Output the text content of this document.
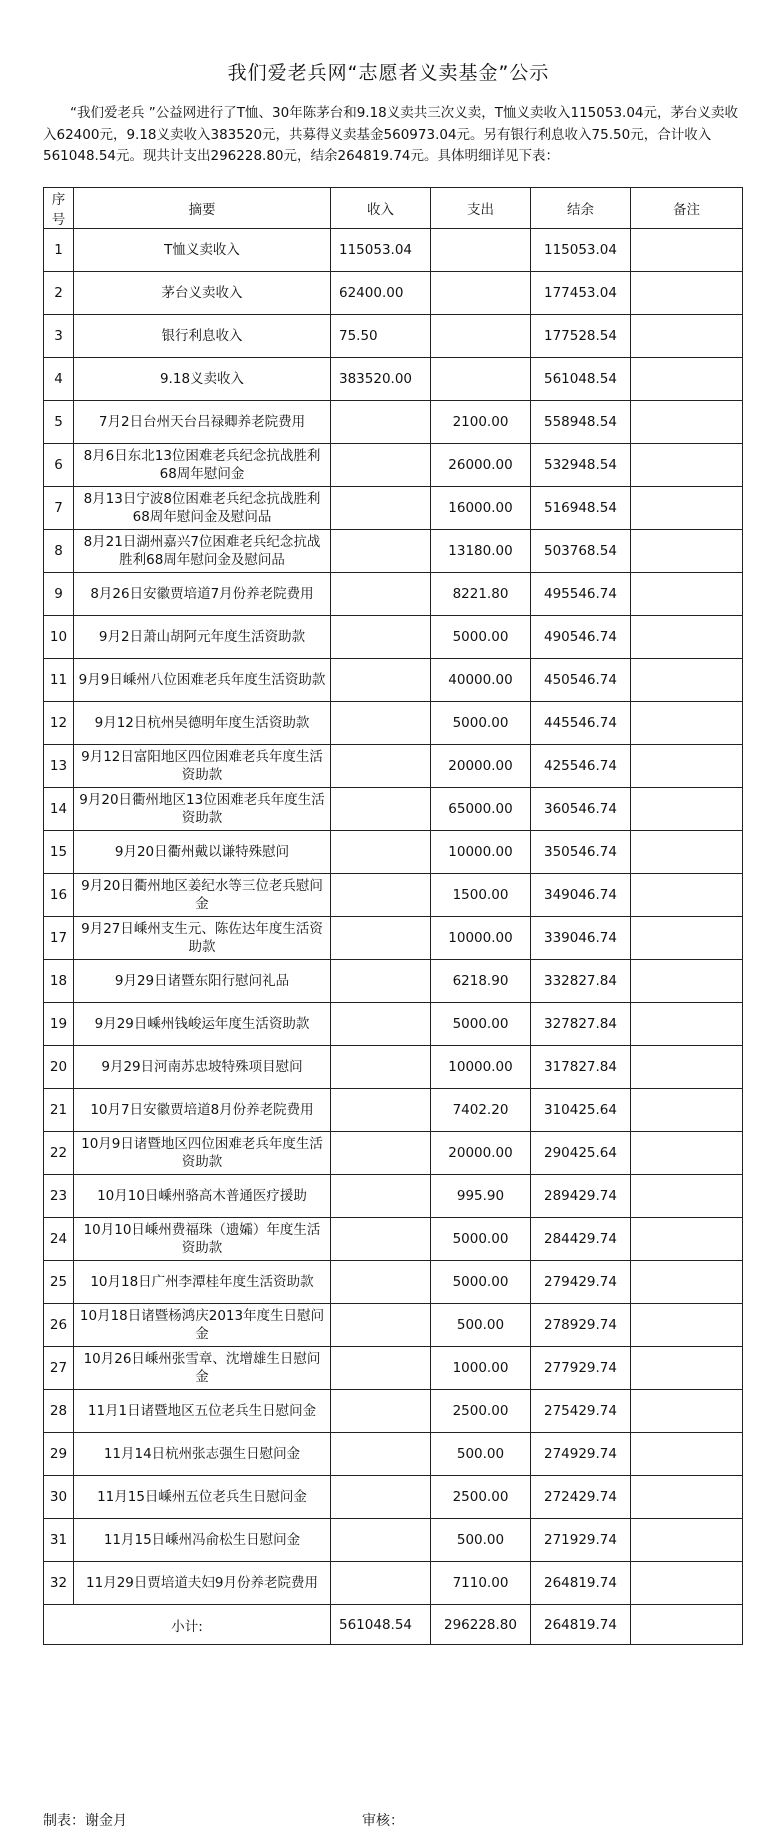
我们爱老兵网“志愿者义卖基金”公示
“我们爱老兵 ”公益网进行了T恤、30年陈茅台和9.18义卖共三次义卖，T恤义卖收入115053.04元，茅台义卖收入62400元，9.18义卖收入383520元，共募得义卖基金560973.04元。另有银行利息收入75.50元，合计收入561048.54元。现共计支出296228.80元，结余264819.74元。具体明细详见下表：
序号	摘要	收入	支出	结余	备注
1	T恤义卖收入	115053.04		115053.04	
2	茅台义卖收入	62400.00		177453.04	
3	银行利息收入	75.50		177528.54	
4	9.18义卖收入	383520.00		561048.54	
5	7月2日台州天台吕禄卿养老院费用		2100.00	558948.54	
6	8月6日东北13位困难老兵纪念抗战胜利68周年慰问金		26000.00	532948.54	
7	8月13日宁波8位困难老兵纪念抗战胜利68周年慰问金及慰问品		16000.00	516948.54	
8	8月21日湖州嘉兴7位困难老兵纪念抗战胜利68周年慰问金及慰问品		13180.00	503768.54	
9	8月26日安徽贾培道7月份养老院费用		8221.80	495546.74	
10	9月2日萧山胡阿元年度生活资助款		5000.00	490546.74	
11	9月9日嵊州八位困难老兵年度生活资助款		40000.00	450546.74	
12	9月12日杭州吴德明年度生活资助款		5000.00	445546.74	
13	9月12日富阳地区四位困难老兵年度生活资助款		20000.00	425546.74	
14	9月20日衢州地区13位困难老兵年度生活资助款		65000.00	360546.74	
15	9月20日衢州戴以谦特殊慰问		10000.00	350546.74	
16	9月20日衢州地区姜纪水等三位老兵慰问金		1500.00	349046.74	
17	9月27日嵊州支生元、陈佐达年度生活资助款		10000.00	339046.74	
18	9月29日诸暨东阳行慰问礼品		6218.90	332827.84	
19	9月29日嵊州钱峻运年度生活资助款		5000.00	327827.84	
20	9月29日河南苏忠坡特殊项目慰问		10000.00	317827.84	
21	10月7日安徽贾培道8月份养老院费用		7402.20	310425.64	
22	10月9日诸暨地区四位困难老兵年度生活资助款		20000.00	290425.64	
23	10月10日嵊州骆高木普通医疗援助		995.90	289429.74	
24	10月10日嵊州费福珠（遗孀）年度生活资助款		5000.00	284429.74	
25	10月18日广州李潭桂年度生活资助款		5000.00	279429.74	
26	10月18日诸暨杨鸿庆2013年度生日慰问金		500.00	278929.74	
27	10月26日嵊州张雪章、沈增雄生日慰问金		1000.00	277929.74	
28	11月1日诸暨地区五位老兵生日慰问金		2500.00	275429.74	
29	11月14日杭州张志强生日慰问金		500.00	274929.74	
30	11月15日嵊州五位老兵生日慰问金		2500.00	272429.74	
31	11月15日嵊州冯俞松生日慰问金		500.00	271929.74	
32	11月29日贾培道夫妇9月份养老院费用		7110.00	264819.74	
小计:		561048.54	296228.80	264819.74	
制表：谢金月	审核：
